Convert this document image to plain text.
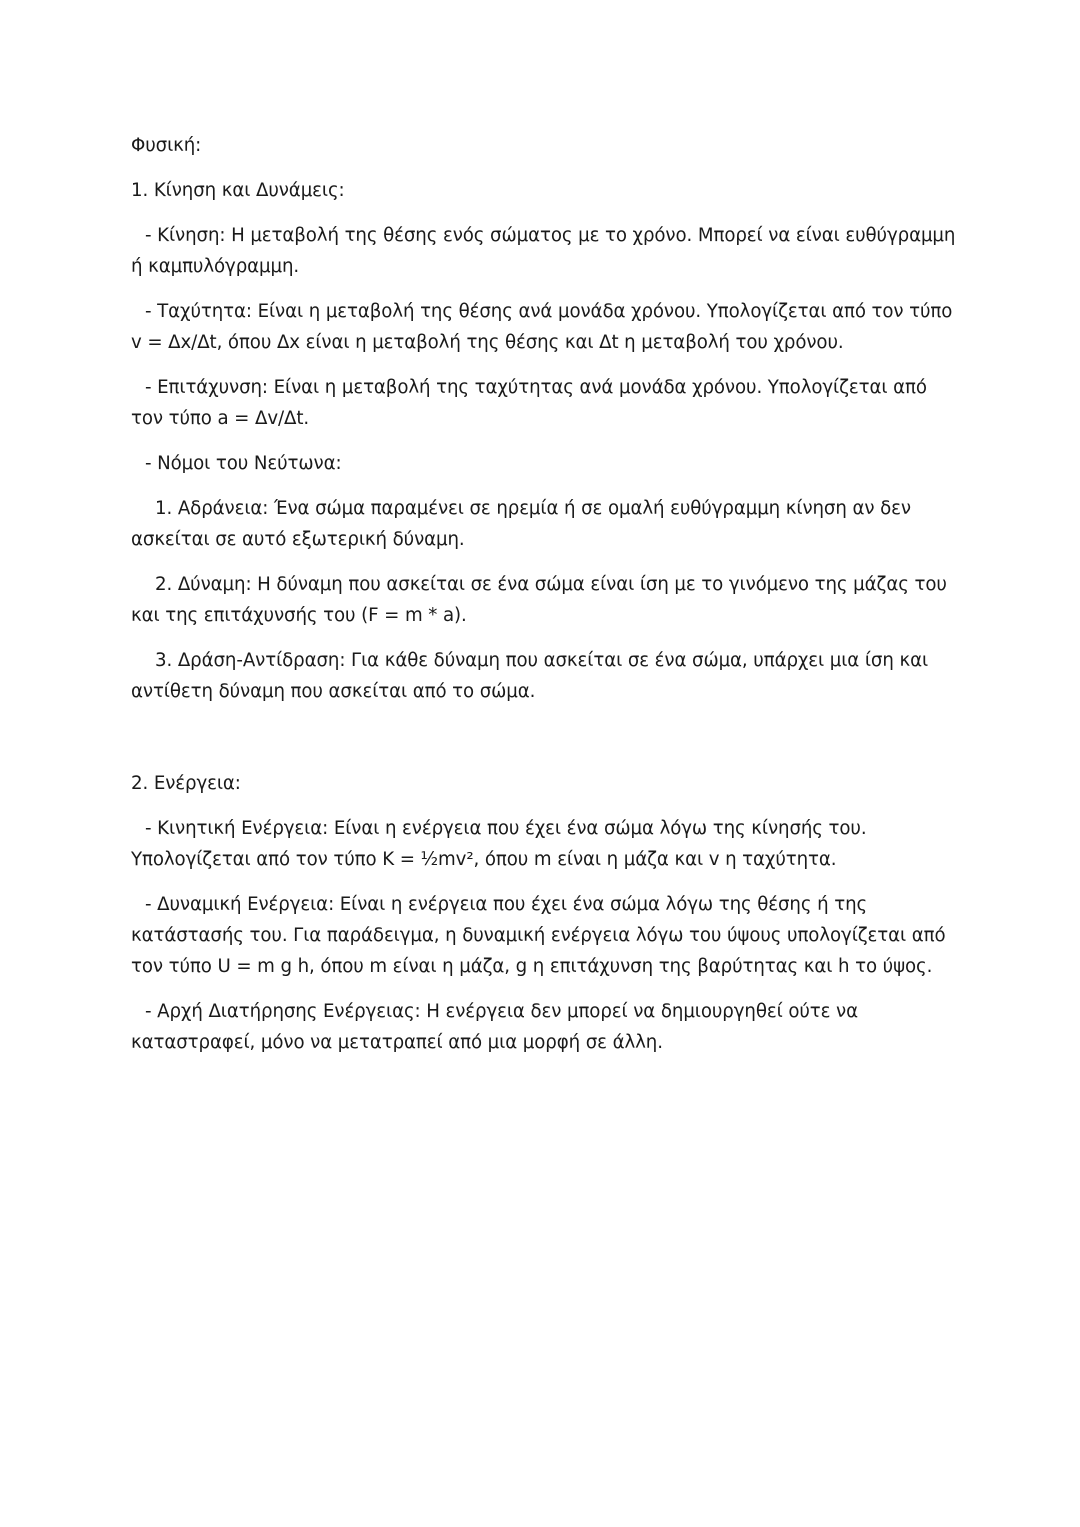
Φυσική:

1. Κίνηση και Δυνάμεις:

- Κίνηση: Η μεταβολή της θέσης ενός σώματος με το χρόνο. Μπορεί να είναι ευθύγραμμη ή καμπυλόγραμμη.

- Ταχύτητα: Είναι η μεταβολή της θέσης ανά μονάδα χρόνου. Υπολογίζεται από τον τύπο v = Δx/Δt, όπου Δx είναι η μεταβολή της θέσης και Δt η μεταβολή του χρόνου.

- Επιτάχυνση: Είναι η μεταβολή της ταχύτητας ανά μονάδα χρόνου. Υπολογίζεται από τον τύπο a = Δv/Δt.

- Νόμοι του Νεύτωνα:

1. Αδράνεια: Ένα σώμα παραμένει σε ηρεμία ή σε ομαλή ευθύγραμμη κίνηση αν δεν ασκείται σε αυτό εξωτερική δύναμη.

2. Δύναμη: Η δύναμη που ασκείται σε ένα σώμα είναι ίση με το γινόμενο της μάζας του και της επιτάχυνσής του (F = m * a).

3. Δράση-Αντίδραση: Για κάθε δύναμη που ασκείται σε ένα σώμα, υπάρχει μια ίση και αντίθετη δύναμη που ασκείται από το σώμα.

2. Ενέργεια:

- Κινητική Ενέργεια: Είναι η ενέργεια που έχει ένα σώμα λόγω της κίνησής του. Υπολογίζεται από τον τύπο K = ½mv², όπου m είναι η μάζα και v η ταχύτητα.

- Δυναμική Ενέργεια: Είναι η ενέργεια που έχει ένα σώμα λόγω της θέσης ή της κατάστασής του. Για παράδειγμα, η δυναμική ενέργεια λόγω του ύψους υπολογίζεται από τον τύπο U = m g h, όπου m είναι η μάζα, g η επιτάχυνση της βαρύτητας και h το ύψος.

- Αρχή Διατήρησης Ενέργειας: Η ενέργεια δεν μπορεί να δημιουργηθεί ούτε να καταστραφεί, μόνο να μετατραπεί από μια μορφή σε άλλη.
